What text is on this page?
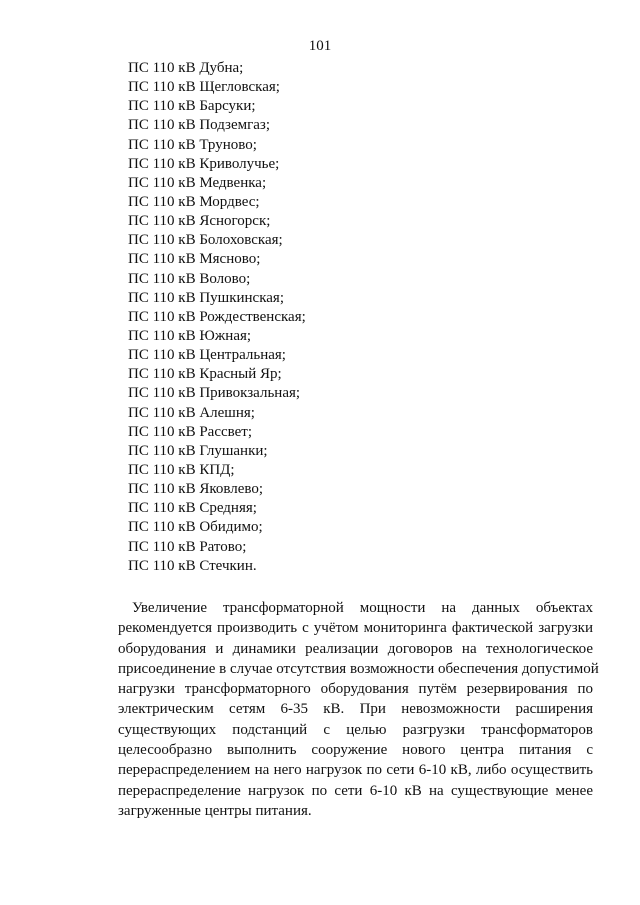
101
ПС 110 кВ Дубна;
ПС 110 кВ Щегловская;
ПС 110 кВ Барсуки;
ПС 110 кВ Подземгаз;
ПС 110 кВ Труново;
ПС 110 кВ Криволучье;
ПС 110 кВ Медвенка;
ПС 110 кВ Мордвес;
ПС 110 кВ Ясногорск;
ПС 110 кВ Болоховская;
ПС 110 кВ Мясново;
ПС 110 кВ Волово;
ПС 110 кВ Пушкинская;
ПС 110 кВ Рождественская;
ПС 110 кВ Южная;
ПС 110 кВ Центральная;
ПС 110 кВ Красный Яр;
ПС 110 кВ Привокзальная;
ПС 110 кВ Алешня;
ПС 110 кВ Рассвет;
ПС 110 кВ Глушанки;
ПС 110 кВ КПД;
ПС 110 кВ Яковлево;
ПС 110 кВ Средняя;
ПС 110 кВ Обидимо;
ПС 110 кВ Ратово;
ПС 110 кВ Стечкин.

Увеличение трансформаторной мощности на данных объектах
рекомендуется производить с учётом мониторинга фактической загрузки
оборудования и динамики реализации договоров на технологическое
присоединение в случае отсутствия возможности обеспечения допустимой
нагрузки трансформаторного оборудования путём резервирования по
электрическим сетям 6-35 кВ. При невозможности расширения
существующих подстанций с целью разгрузки трансформаторов
целесообразно выполнить сооружение нового центра питания с
перераспределением на него нагрузок по сети 6-10 кВ, либо осуществить
перераспределение нагрузок по сети 6-10 кВ на существующие менее
загруженные центры питания.
